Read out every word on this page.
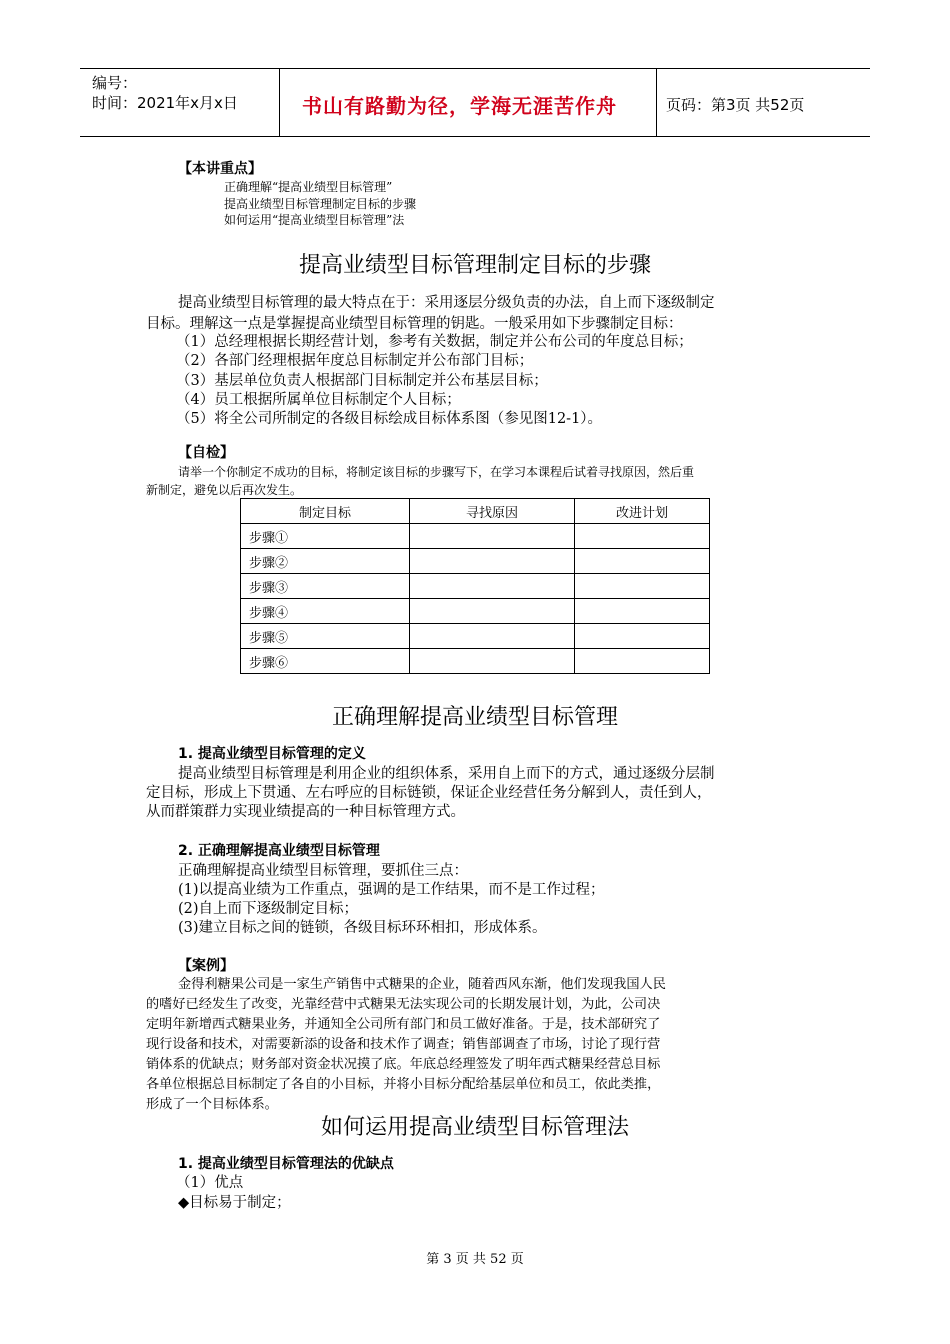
编号：
时间：2021年x月x日	书山有路勤为径，学海无涯苦作舟	页码：第3页 共52页
【本讲重点】
正确理解“提高业绩型目标管理”
提高业绩型目标管理制定目标的步骤
如何运用“提高业绩型目标管理”法
提高业绩型目标管理制定目标的步骤
提高业绩型目标管理的最大特点在于：采用逐层分级负责的办法，自上而下逐级制定
目标。理解这一点是掌握提高业绩型目标管理的钥匙。一般采用如下步骤制定目标：
（1）总经理根据长期经营计划，参考有关数据，制定并公布公司的年度总目标；
（2）各部门经理根据年度总目标制定并公布部门目标；
（3）基层单位负责人根据部门目标制定并公布基层目标；
（4）员工根据所属单位目标制定个人目标；
（5）将全公司所制定的各级目标绘成目标体系图（参见图12-1）。
【自检】
请举一个你制定不成功的目标，将制定该目标的步骤写下，在学习本课程后试着寻找原因，然后重
新制定，避免以后再次发生。
制定目标	寻找原因	改进计划
步骤①		
步骤②		
步骤③		
步骤④		
步骤⑤		
步骤⑥		
正确理解提高业绩型目标管理
1. 提高业绩型目标管理的定义
提高业绩型目标管理是利用企业的组织体系，采用自上而下的方式，通过逐级分层制
定目标，形成上下贯通、左右呼应的目标链锁，保证企业经营任务分解到人，责任到人，
从而群策群力实现业绩提高的一种目标管理方式。
2. 正确理解提高业绩型目标管理
正确理解提高业绩型目标管理，要抓住三点：
(1)以提高业绩为工作重点，强调的是工作结果，而不是工作过程；
(2)自上而下逐级制定目标；
(3)建立目标之间的链锁，各级目标环环相扣，形成体系。
【案例】
金得利糖果公司是一家生产销售中式糖果的企业，随着西风东渐，他们发现我国人民
的嗜好已经发生了改变，光靠经营中式糖果无法实现公司的长期发展计划，为此，公司决
定明年新增西式糖果业务，并通知全公司所有部门和员工做好准备。于是，技术部研究了
现行设备和技术，对需要新添的设备和技术作了调查；销售部调查了市场，讨论了现行营
销体系的优缺点；财务部对资金状况摸了底。年底总经理签发了明年西式糖果经营总目标
各单位根据总目标制定了各自的小目标，并将小目标分配给基层单位和员工，依此类推，
形成了一个目标体系。
如何运用提高业绩型目标管理法
1. 提高业绩型目标管理法的优缺点
（1）优点
◆目标易于制定；
第 3 页 共 52 页
